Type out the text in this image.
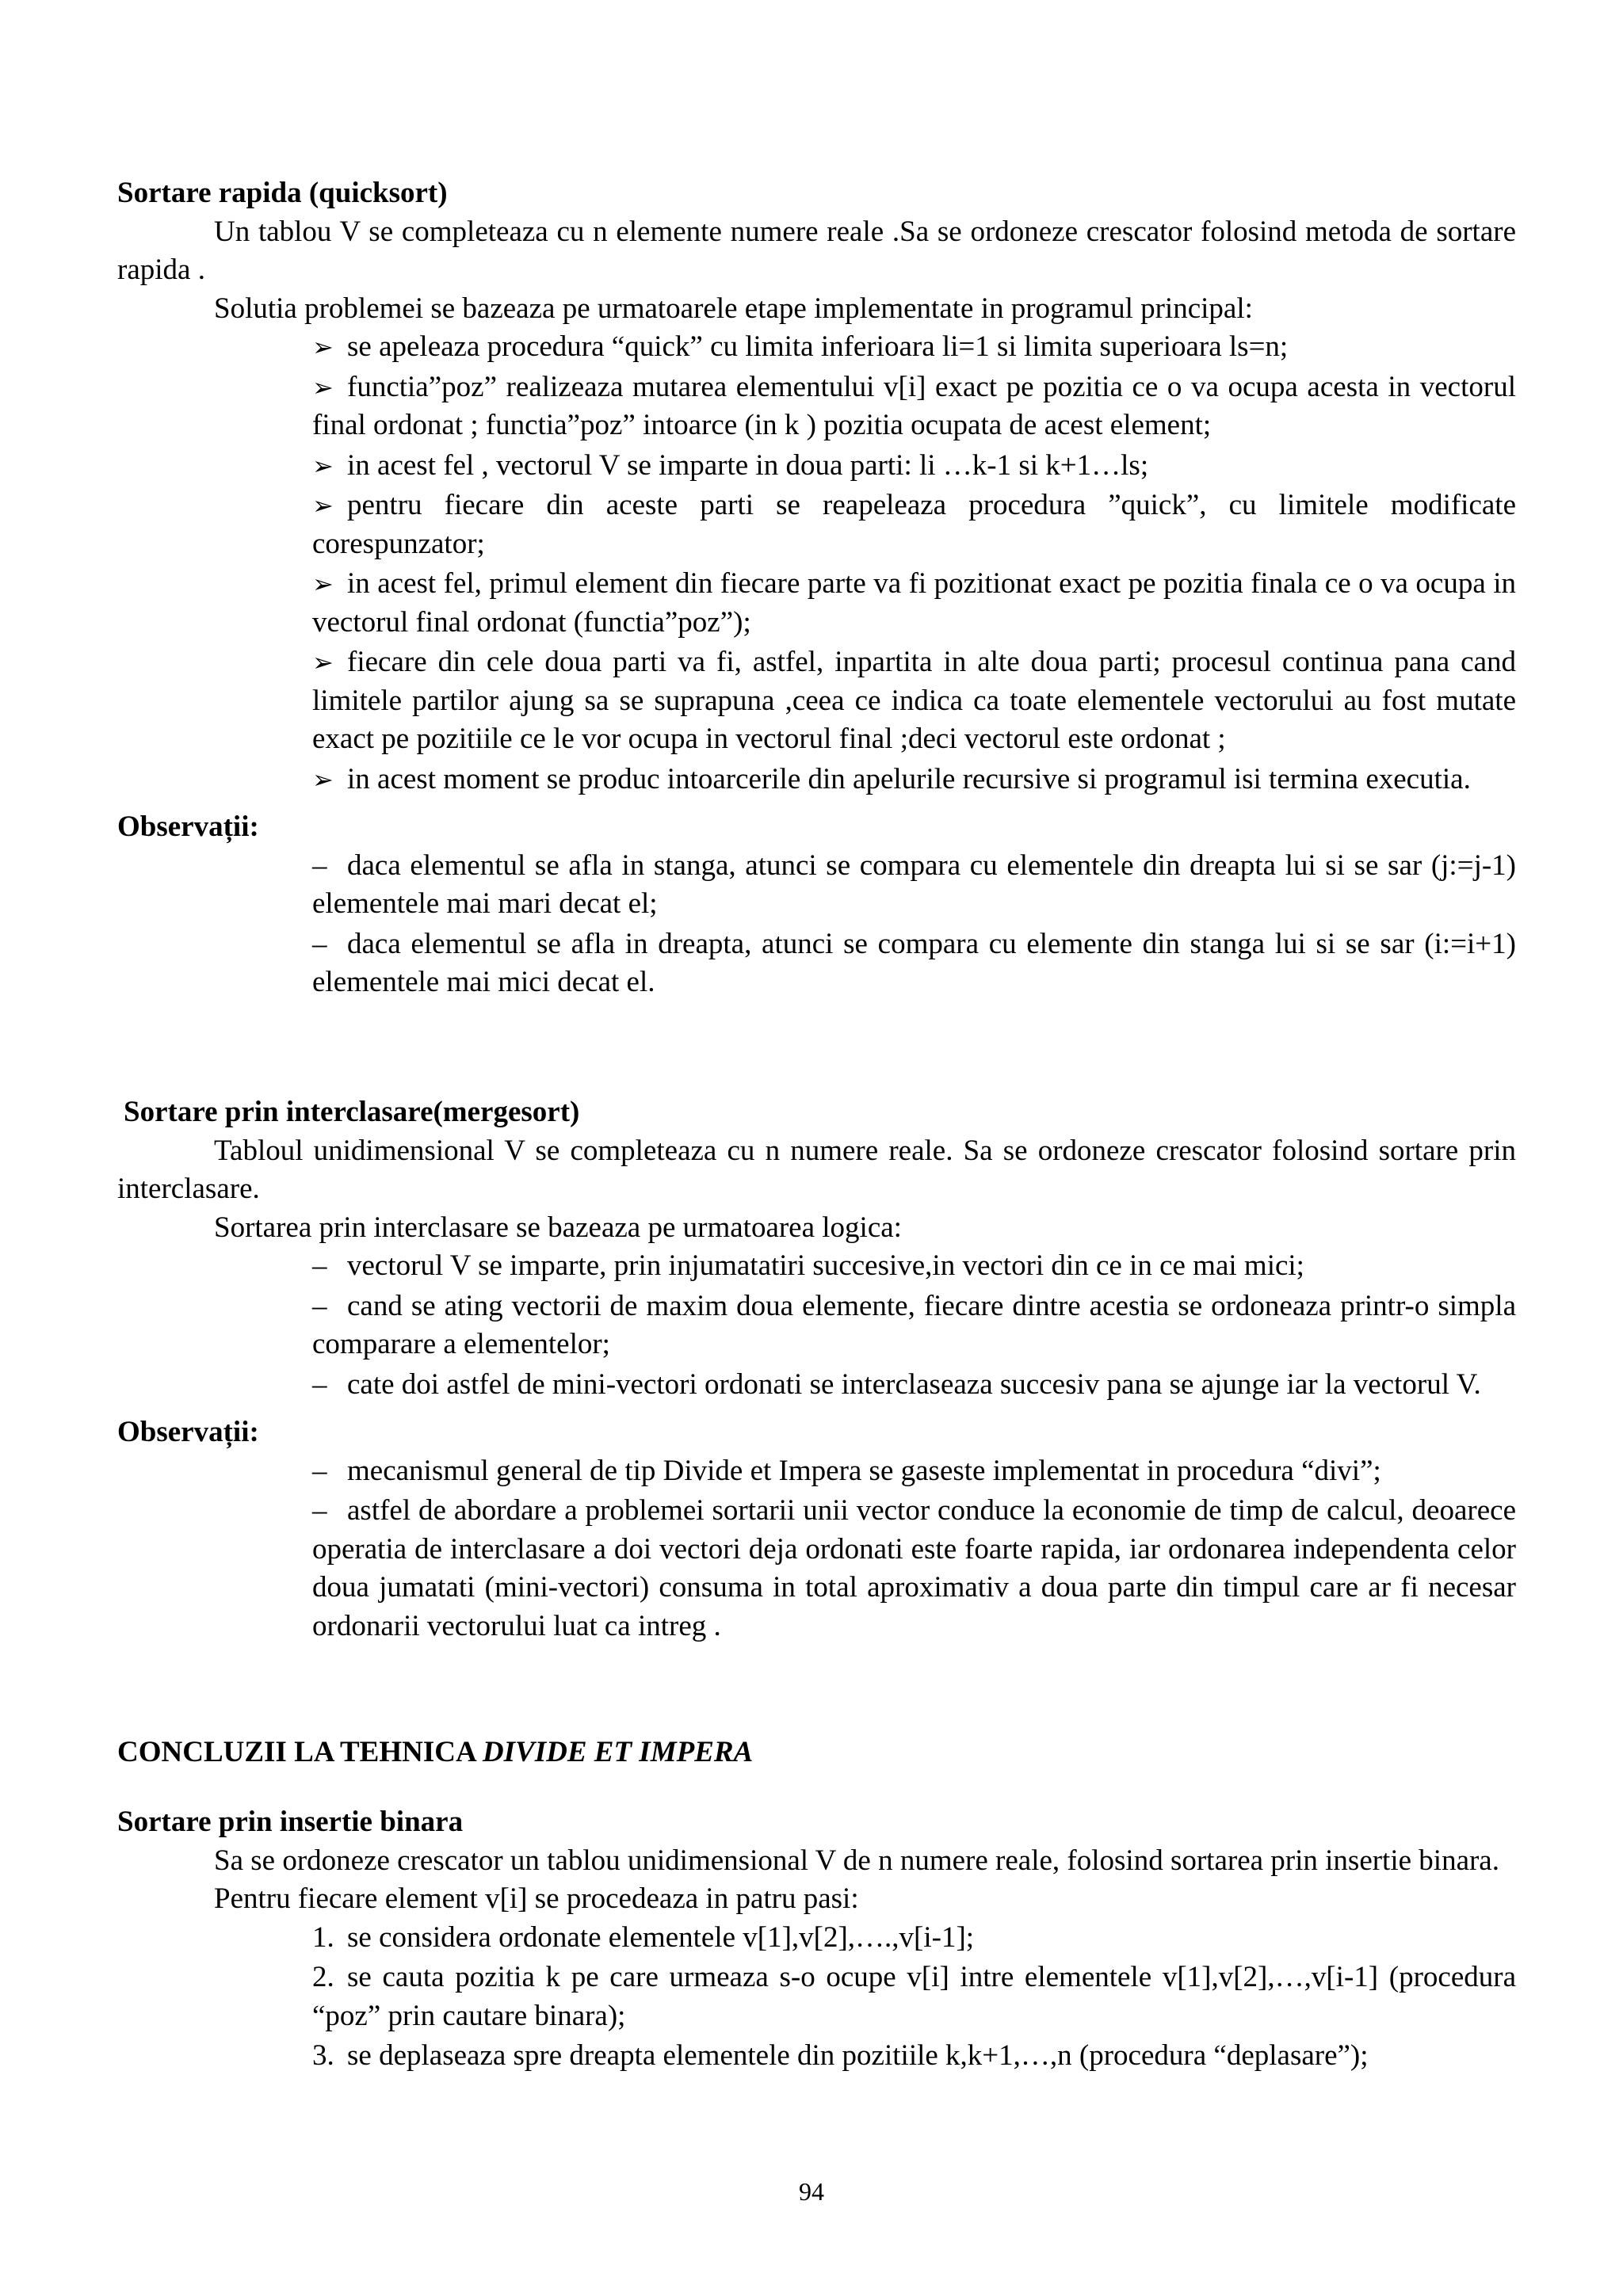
Sortare rapida (quicksort)

Un tablou V se completeaza cu n elemente numere reale .Sa se ordoneze crescator folosind metoda de sortare rapida .

Solutia problemei se bazeaza pe urmatoarele etape implementate in programul principal:

➢ se apeleaza procedura “quick” cu limita inferioara li=1 si limita superioara ls=n;
➢ functia”poz” realizeaza mutarea elementului v[i] exact pe pozitia ce o va ocupa acesta in vectorul final ordonat ; functia”poz” intoarce (in k ) pozitia ocupata de acest element;
➢ in acest fel , vectorul V se imparte in doua parti: li …k-1 si k+1…ls;
➢ pentru fiecare din aceste parti se reapeleaza procedura ”quick”, cu limitele modificate corespunzator;
➢ in acest fel, primul element din fiecare parte va fi pozitionat exact pe pozitia finala ce o va ocupa in vectorul final ordonat (functia”poz”);
➢ fiecare din cele doua parti va fi, astfel, inpartita in alte doua parti; procesul continua pana cand limitele partilor ajung sa se suprapuna ,ceea ce indica ca toate elementele vectorului au fost mutate exact pe pozitiile ce le vor ocupa in vectorul final ;deci vectorul este ordonat ;
➢ in acest moment se produc intoarcerile din apelurile recursive si programul isi termina executia.

Observații:

– daca elementul se afla in stanga, atunci se compara cu elementele din dreapta lui si se sar (j:=j-1) elementele mai mari decat el;
– daca elementul se afla in dreapta, atunci se compara cu elemente din stanga lui si se sar (i:=i+1) elementele mai mici decat el.

Sortare prin interclasare(mergesort)

Tabloul unidimensional V se completeaza cu n numere reale. Sa se ordoneze crescator folosind sortare prin interclasare.

Sortarea prin interclasare se bazeaza pe urmatoarea logica:

– vectorul V se imparte, prin injumatatiri succesive,in vectori din ce in ce mai mici;
– cand se ating vectorii de maxim doua elemente, fiecare dintre acestia se ordoneaza printr-o simpla comparare a elementelor;
– cate doi astfel de mini-vectori ordonati se interclaseaza succesiv pana se ajunge iar la vectorul V.

Observații:

– mecanismul general de tip Divide et Impera se gaseste implementat in procedura “divi”;
– astfel de abordare a problemei sortarii unii vector conduce la economie de timp de calcul, deoarece operatia de interclasare a doi vectori deja ordonati este foarte rapida, iar ordonarea independenta celor doua jumatati (mini-vectori) consuma in total aproximativ a doua parte din timpul care ar fi necesar ordonarii vectorului luat ca intreg .

CONCLUZII LA TEHNICA DIVIDE ET IMPERA

Sortare prin insertie binara

Sa se ordoneze crescator un tablou unidimensional V de n numere reale, folosind sortarea prin insertie binara.

Pentru fiecare element v[i] se procedeaza in patru pasi:

1. se considera ordonate elementele v[1],v[2],….,v[i-1];
2. se cauta pozitia k pe care urmeaza s-o ocupe v[i] intre elementele v[1],v[2],…,v[i-1] (procedura “poz” prin cautare binara);
3. se deplaseaza spre dreapta elementele din pozitiile k,k+1,…,n (procedura “deplasare”);
94
